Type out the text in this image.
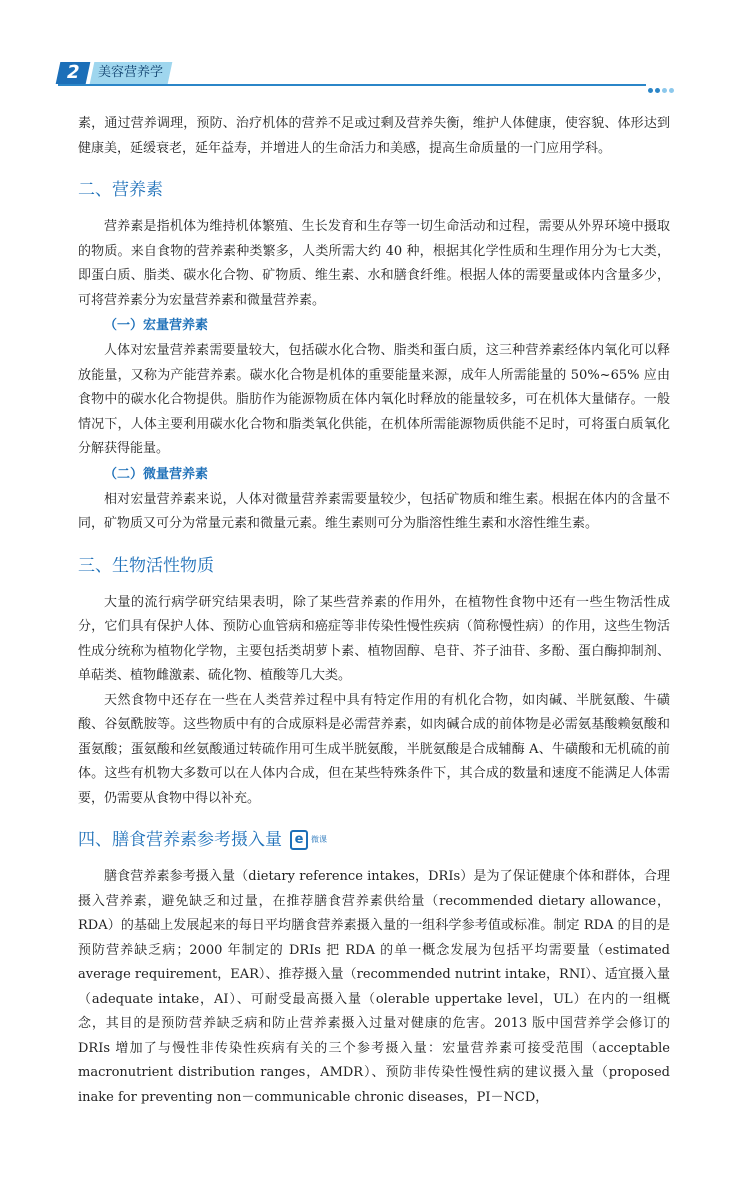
2	美容营养学

素，通过营养调理，预防、治疗机体的营养不足或过剩及营养失衡，维护人体健康，使容貌、体形达到健康美，延缓衰老，延年益寿，并增进人的生命活力和美感，提高生命质量的一门应用学科。

二、营养素

营养素是指机体为维持机体繁殖、生长发育和生存等一切生命活动和过程，需要从外界环境中摄取的物质。来自食物的营养素种类繁多，人类所需大约 40 种，根据其化学性质和生理作用分为七大类，即蛋白质、脂类、碳水化合物、矿物质、维生素、水和膳食纤维。根据人体的需要量或体内含量多少，可将营养素分为宏量营养素和微量营养素。

（一）宏量营养素

人体对宏量营养素需要量较大，包括碳水化合物、脂类和蛋白质，这三种营养素经体内氧化可以释放能量，又称为产能营养素。碳水化合物是机体的重要能量来源，成年人所需能量的 50%~65% 应由食物中的碳水化合物提供。脂肪作为能源物质在体内氧化时释放的能量较多，可在机体大量储存。一般情况下，人体主要利用碳水化合物和脂类氧化供能，在机体所需能源物质供能不足时，可将蛋白质氧化分解获得能量。

（二）微量营养素

相对宏量营养素来说，人体对微量营养素需要量较少，包括矿物质和维生素。根据在体内的含量不同，矿物质又可分为常量元素和微量元素。维生素则可分为脂溶性维生素和水溶性维生素。

三、生物活性物质

大量的流行病学研究结果表明，除了某些营养素的作用外，在植物性食物中还有一些生物活性成分，它们具有保护人体、预防心血管病和癌症等非传染性慢性疾病（简称慢性病）的作用，这些生物活性成分统称为植物化学物，主要包括类胡萝卜素、植物固醇、皂苷、芥子油苷、多酚、蛋白酶抑制剂、单萜类、植物雌激素、硫化物、植酸等几大类。

天然食物中还存在一些在人类营养过程中具有特定作用的有机化合物，如肉碱、半胱氨酸、牛磺酸、谷氨酰胺等。这些物质中有的合成原料是必需营养素，如肉碱合成的前体物是必需氨基酸赖氨酸和蛋氨酸；蛋氨酸和丝氨酸通过转硫作用可生成半胱氨酸，半胱氨酸是合成辅酶 A、牛磺酸和无机硫的前体。这些有机物大多数可以在人体内合成，但在某些特殊条件下，其合成的数量和速度不能满足人体需要，仍需要从食物中得以补充。

四、膳食营养素参考摄入量 e 微课

膳食营养素参考摄入量（dietary reference intakes，DRIs）是为了保证健康个体和群体，合理摄入营养素，避免缺乏和过量，在推荐膳食营养素供给量（recommended dietary allowance，RDA）的基础上发展起来的每日平均膳食营养素摄入量的一组科学参考值或标准。制定 RDA 的目的是预防营养缺乏病；2000 年制定的 DRIs 把 RDA 的单一概念发展为包括平均需要量（estimated average requirement，EAR）、推荐摄入量（recommended nutrint intake，RNI）、适宜摄入量（adequate intake，AI）、可耐受最高摄入量（olerable uppertake level，UL）在内的一组概念，其目的是预防营养缺乏病和防止营养素摄入过量对健康的危害。2013 版中国营养学会修订的 DRIs 增加了与慢性非传染性疾病有关的三个参考摄入量：宏量营养素可接受范围（acceptable macronutrient distribution ranges，AMDR）、预防非传染性慢性病的建议摄入量（proposed inake for preventing non－communicable chronic diseases，PI－NCD，
